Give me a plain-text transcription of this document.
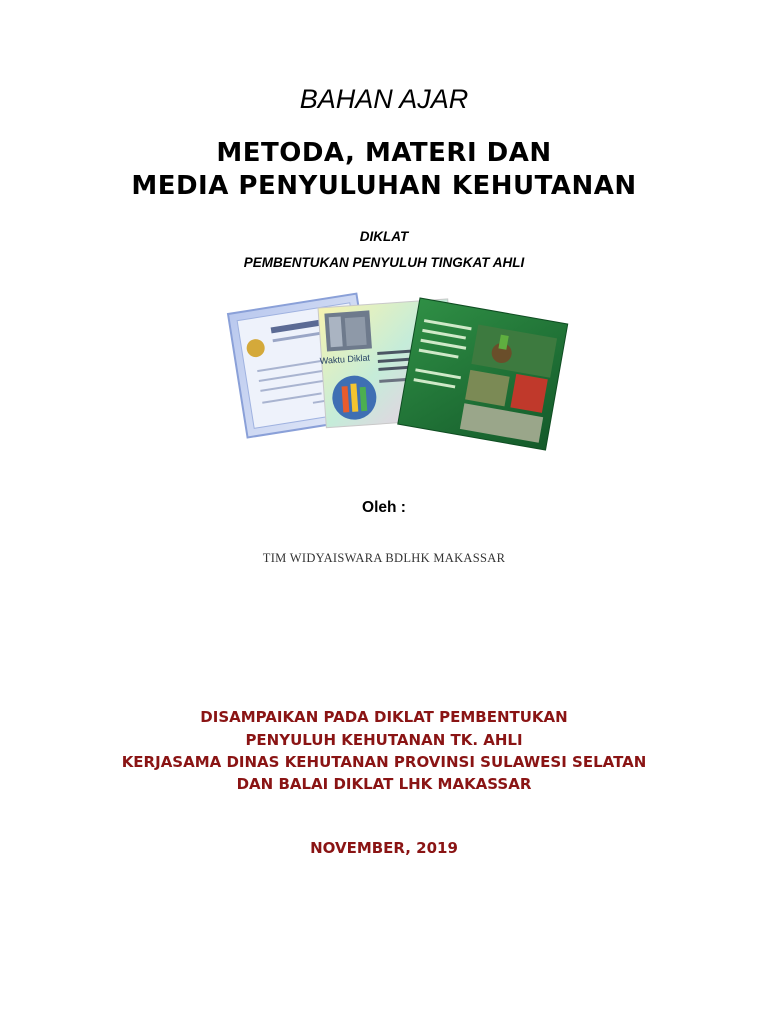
BAHAN AJAR
METODA, MATERI DAN
MEDIA PENYULUHAN KEHUTANAN
DIKLAT
PEMBENTUKAN PENYULUH TINGKAT AHLI
Waktu Diklat
Oleh :
TIM WIDYAISWARA BDLHK MAKASSAR
DISAMPAIKAN PADA DIKLAT PEMBENTUKAN
PENYULUH KEHUTANAN TK. AHLI
KERJASAMA DINAS KEHUTANAN PROVINSI SULAWESI SELATAN
DAN BALAI DIKLAT LHK MAKASSAR
NOVEMBER, 2019
